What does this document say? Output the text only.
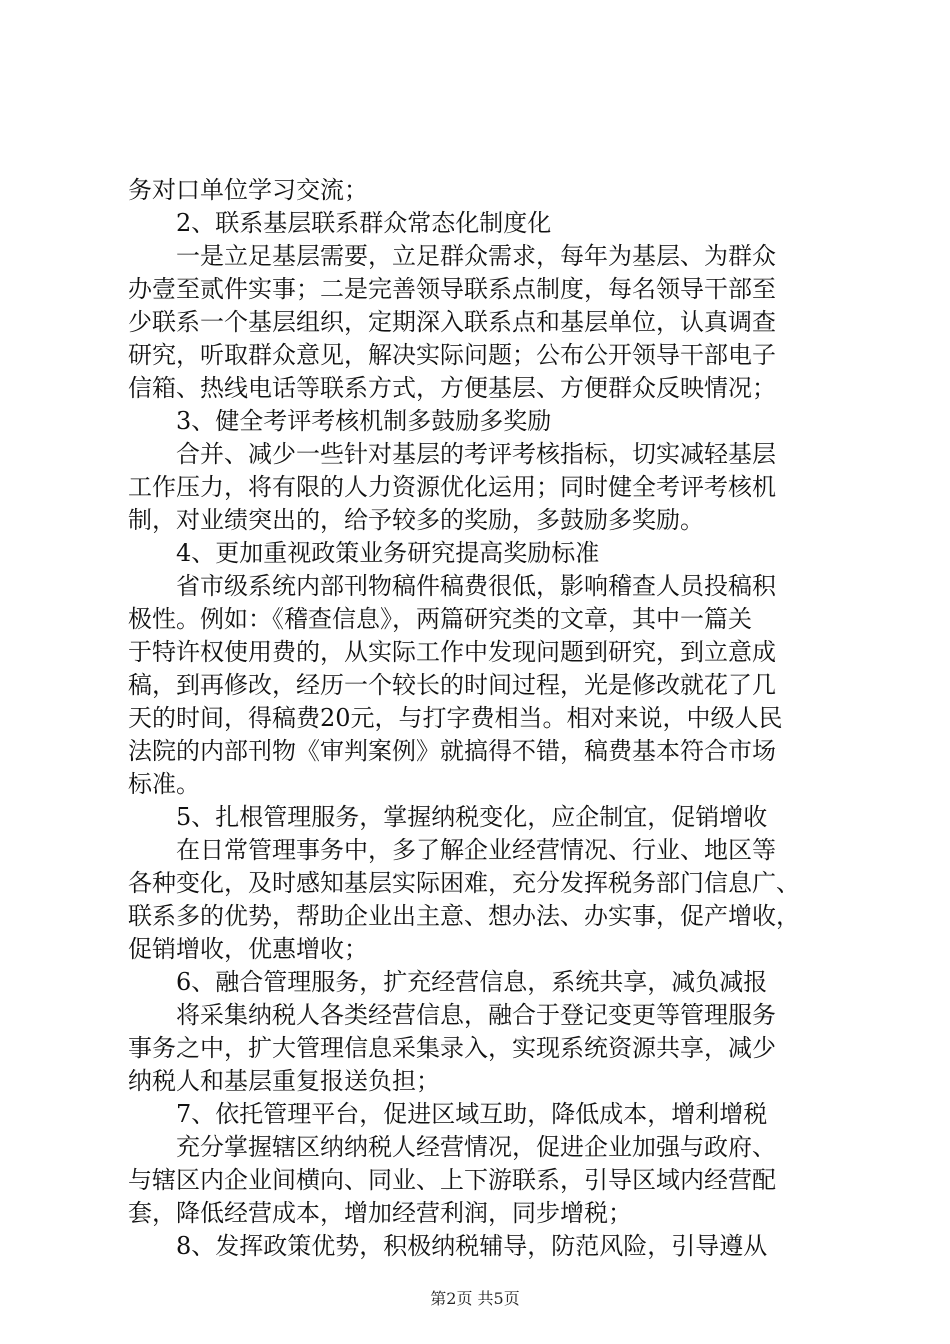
务对口单位学习交流；
　　2、联系基层联系群众常态化制度化
　　一是立足基层需要，立足群众需求，每年为基层、为群众
办壹至贰件实事；二是完善领导联系点制度，每名领导干部至
少联系一个基层组织，定期深入联系点和基层单位，认真调查
研究，听取群众意见，解决实际问题；公布公开领导干部电子
信箱、热线电话等联系方式，方便基层、方便群众反映情况；
　　3、健全考评考核机制多鼓励多奖励
　　合并、减少一些针对基层的考评考核指标，切实减轻基层
工作压力，将有限的人力资源优化运用；同时健全考评考核机
制，对业绩突出的，给予较多的奖励，多鼓励多奖励。
　　4、更加重视政策业务研究提高奖励标准
　　省市级系统内部刊物稿件稿费很低，影响稽查人员投稿积
极性。例如：《稽查信息》，两篇研究类的文章，其中一篇关
于特许权使用费的，从实际工作中发现问题到研究，到立意成
稿，到再修改，经历一个较长的时间过程，光是修改就花了几
天的时间，得稿费20元，与打字费相当。相对来说，中级人民
法院的内部刊物《审判案例》就搞得不错，稿费基本符合市场
标准。
　　5、扎根管理服务，掌握纳税变化，应企制宜，促销增收
　　在日常管理事务中，多了解企业经营情况、行业、地区等
各种变化，及时感知基层实际困难，充分发挥税务部门信息广、
联系多的优势，帮助企业出主意、想办法、办实事，促产增收，
促销增收，优惠增收；
　　6、融合管理服务，扩充经营信息，系统共享，减负减报
　　将采集纳税人各类经营信息，融合于登记变更等管理服务
事务之中，扩大管理信息采集录入，实现系统资源共享，减少
纳税人和基层重复报送负担；
　　7、依托管理平台，促进区域互助，降低成本，增利增税
　　充分掌握辖区纳纳税人经营情况，促进企业加强与政府、
与辖区内企业间横向、同业、上下游联系，引导区域内经营配
套，降低经营成本，增加经营利润，同步增税；
　　8、发挥政策优势，积极纳税辅导，防范风险，引导遵从
第2页 共5页
